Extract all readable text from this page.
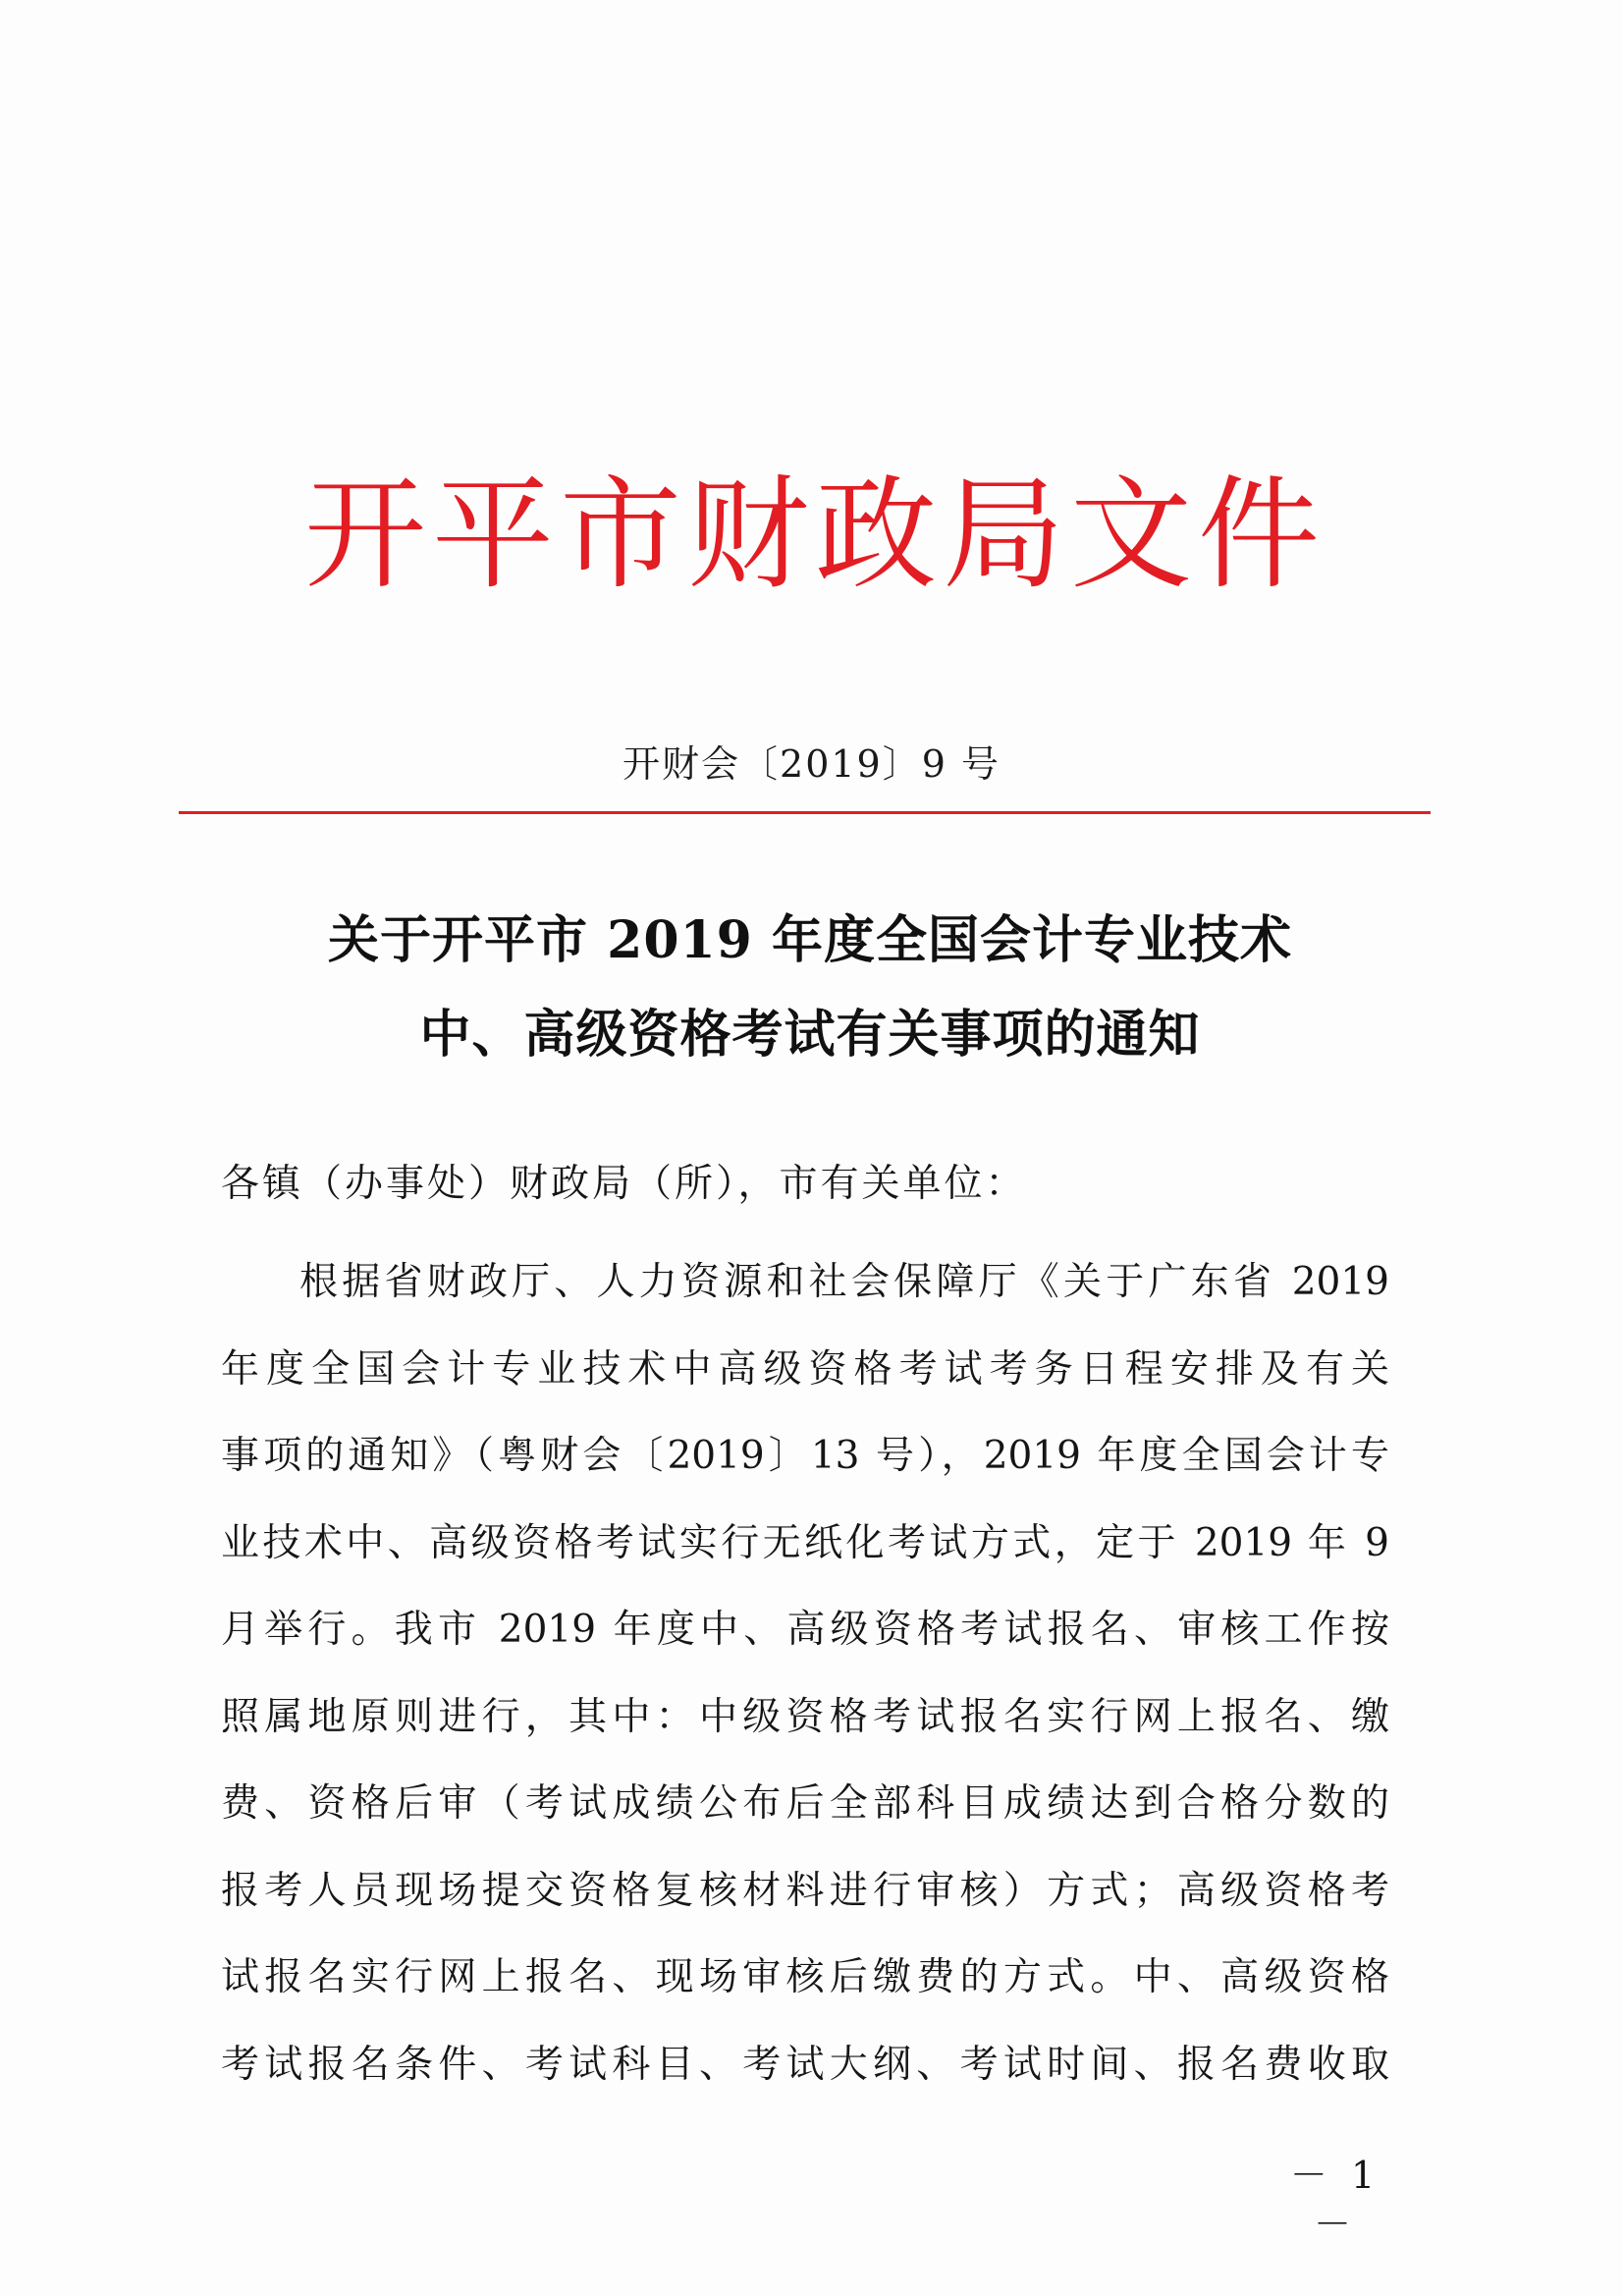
开平市财政局文件
开财会〔2019〕9 号
关于开平市 2019 年度全国会计专业技术
中、高级资格考试有关事项的通知
各镇（办事处）财政局（所），市有关单位：
根据省财政厅、人力资源和社会保障厅《关于广东省 2019
年度全国会计专业技术中高级资格考试考务日程安排及有关
事项的通知》（粤财会〔2019〕13 号），2019 年度全国会计专
业技术中、高级资格考试实行无纸化考试方式，定于 2019 年 9
月举行。我市 2019 年度中、高级资格考试报名、审核工作按
照属地原则进行，其中：中级资格考试报名实行网上报名、缴
费、资格后审（考试成绩公布后全部科目成绩达到合格分数的
报考人员现场提交资格复核材料进行审核）方式；高级资格考
试报名实行网上报名、现场审核后缴费的方式。中、高级资格
考试报名条件、考试科目、考试大纲、考试时间、报名费收取
－ 1 －
